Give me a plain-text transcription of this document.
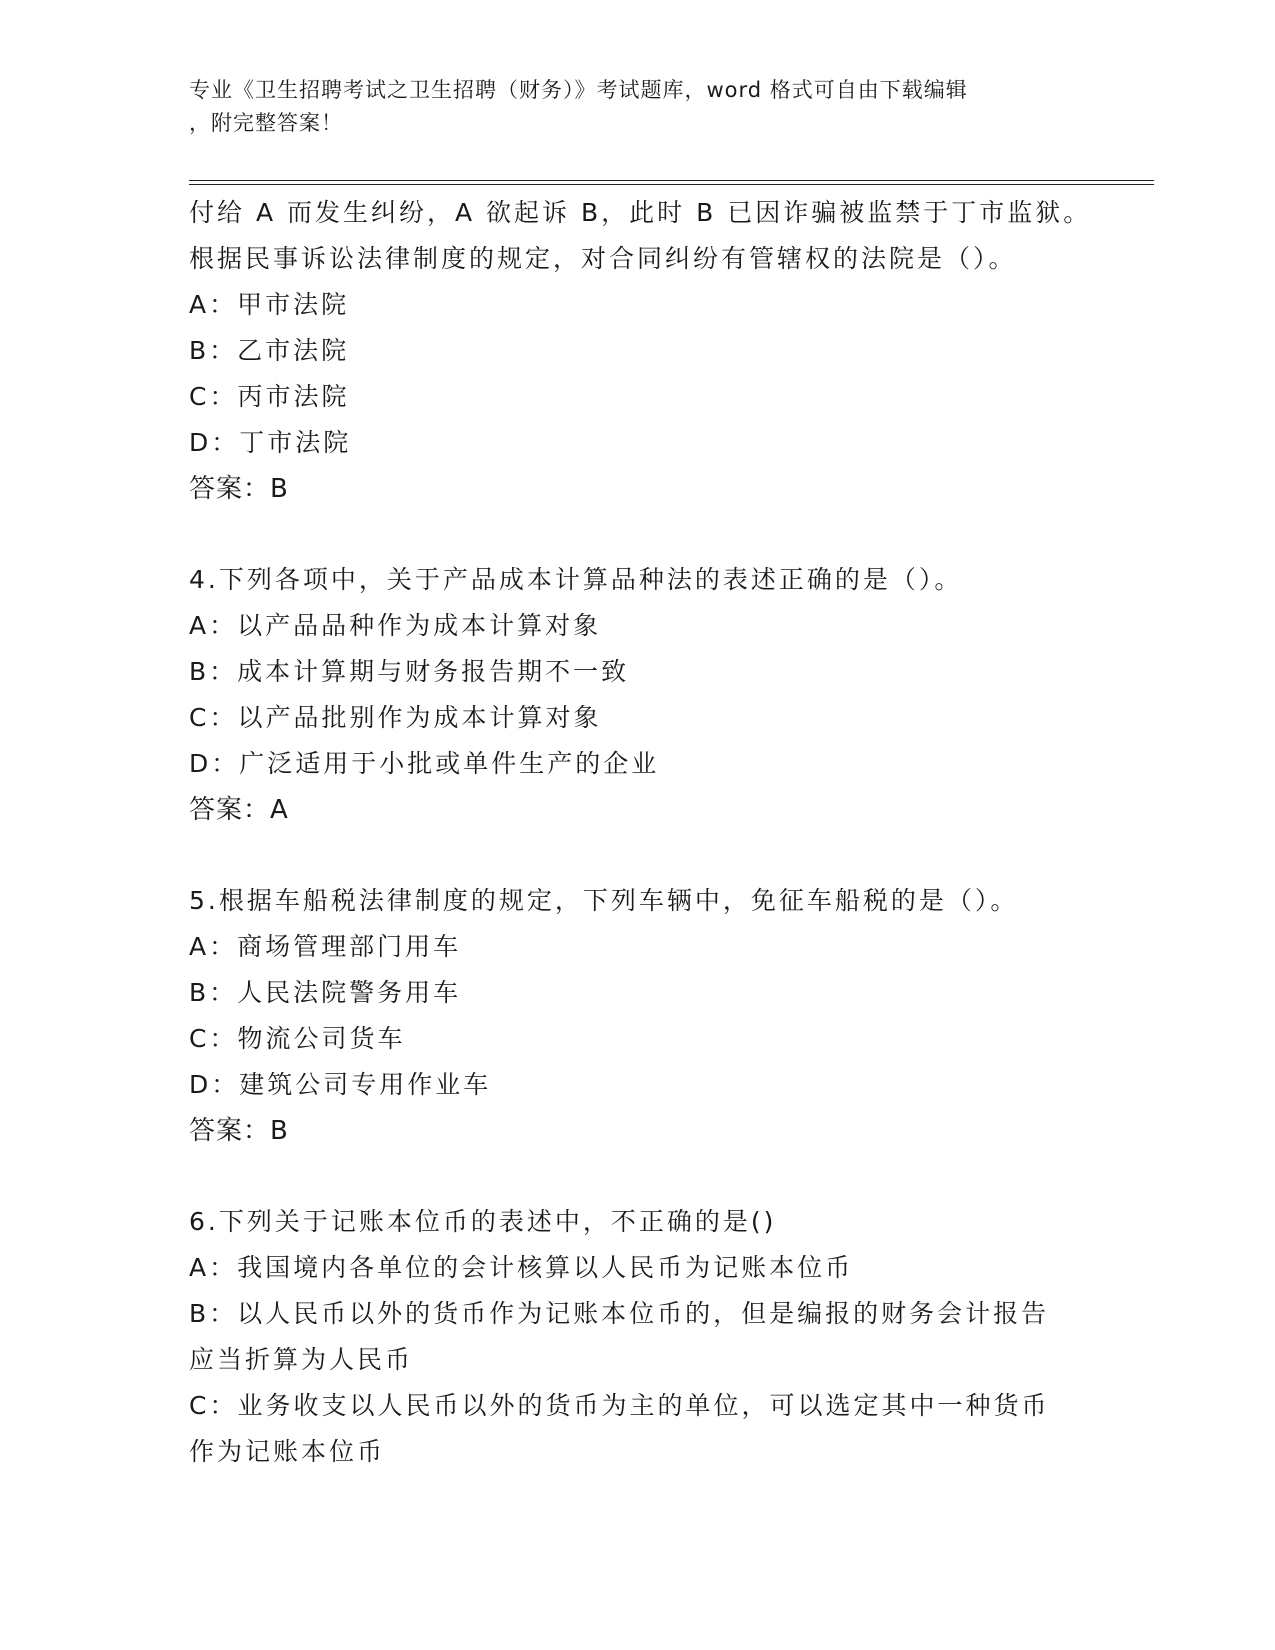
专业《卫生招聘考试之卫生招聘（财务）》考试题库，word 格式可自由下载编辑
，附完整答案！
付给 A 而发生纠纷，A 欲起诉 B，此时 B 已因诈骗被监禁于丁市监狱。
根据民事诉讼法律制度的规定，对合同纠纷有管辖权的法院是（）。
A：甲市法院
B：乙市法院
C：丙市法院
D：丁市法院
答案：B
4.下列各项中，关于产品成本计算品种法的表述正确的是（）。
A：以产品品种作为成本计算对象
B：成本计算期与财务报告期不一致
C：以产品批别作为成本计算对象
D：广泛适用于小批或单件生产的企业
答案：A
5.根据车船税法律制度的规定，下列车辆中，免征车船税的是（）。
A：商场管理部门用车
B：人民法院警务用车
C：物流公司货车
D：建筑公司专用作业车
答案：B
6.下列关于记账本位币的表述中，不正确的是()
A：我国境内各单位的会计核算以人民币为记账本位币
B：以人民币以外的货币作为记账本位币的，但是编报的财务会计报告
应当折算为人民币
C：业务收支以人民币以外的货币为主的单位，可以选定其中一种货币
作为记账本位币
